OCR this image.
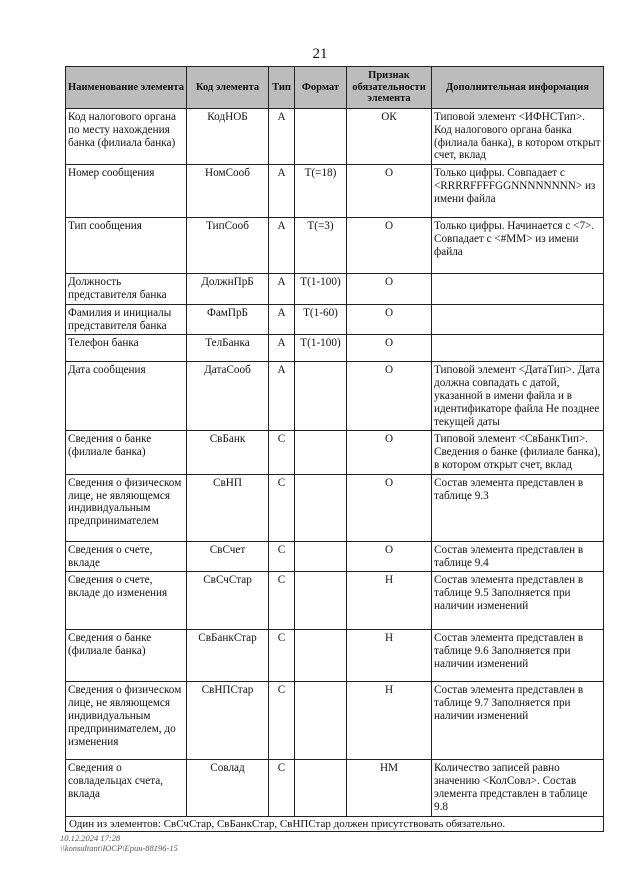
21
Наименование элемента	Код элемента	Тип	Формат	Признак обязательности элемента	Дополнительная информация
Код налогового органа по месту нахождения банка (филиала банка)	КодНОБ	А		ОК	Типовой элемент <ИФНСТип>. Код налогового органа банка (филиала банка), в котором открыт счет, вклад
Номер сообщения	НомСооб	А	Т(=18)	О	Только цифры. Совпадает с <RRRRFFFFGGNNNNNNNN> из имени файла
Тип сообщения	ТипСооб	А	Т(=3)	О	Только цифры. Начинается с <7>. Совпадает с <#ММ> из имени файла
Должность представителя банка	ДолжнПрБ	А	Т(1-100)	О	
Фамилия и инициалы представителя банка	ФамПрБ	А	Т(1-60)	О	
Телефон банка	ТелБанка	А	Т(1-100)	О	
Дата сообщения	ДатаСооб	А		О	Типовой элемент <ДатаТип>. Дата должна совпадать с датой, указанной в имени файла и в идентификаторе файла Не позднее текущей даты
Сведения о банке (филиале банка)	СвБанк	С		О	Типовой элемент <СвБанкТип>. Сведения о банке (филиале банка), в котором открыт счет, вклад
Сведения о физическом лице, не являющемся индивидуальным предпринимателем	СвНП	С		О	Состав элемента представлен в таблице 9.3
Сведения о счете, вкладе	СвСчет	С		О	Состав элемента представлен в таблице 9.4
Сведения о счете, вкладе до изменения	СвСчСтар	С		Н	Состав элемента представлен в таблице 9.5 Заполняется при наличии изменений
Сведения о банке (филиале банка)	СвБанкСтар	С		Н	Состав элемента представлен в таблице 9.6 Заполняется при наличии изменений
Сведения о физическом лице, не являющемся индивидуальным предпринимателем, до изменения	СвНПСтар	С		Н	Состав элемента представлен в таблице 9.7 Заполняется при наличии изменений
Сведения о совладельцах счета, вклада	Совлад	С		НМ	Количество записей равно значению <КолСовл>. Состав элемента представлен в таблице 9.8
Один из элементов: СвСчСтар, СвБанкСтар, СвНПСтар должен присутствовать обязательно.					
10.12.2024 17:28
\\konsultant\ЮСР\Ерин-88196-15
